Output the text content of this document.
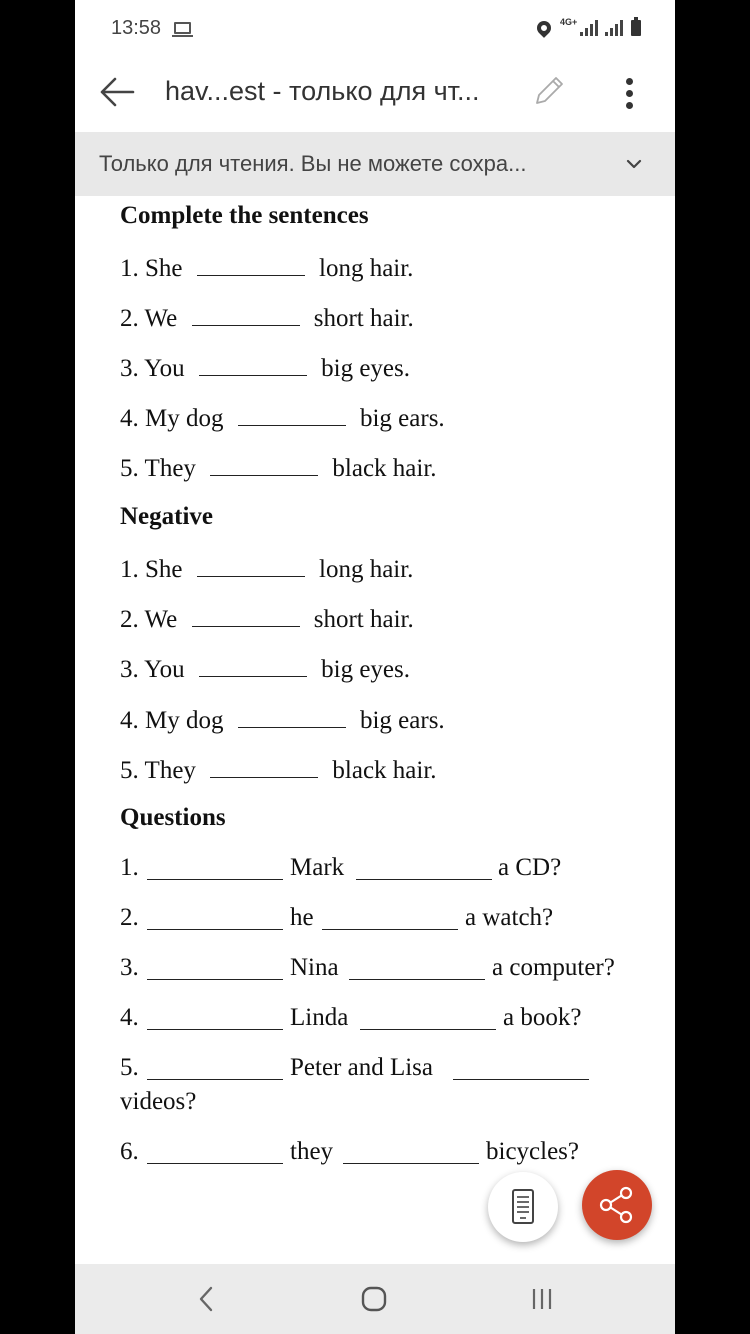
13:58	4G+
hav...est - только для чт...
Только для чтения. Вы не можете сохра...
Complete the sentences
1. She	long hair.
2. We	short hair.
3. You	big eyes.
4. My dog	big ears.
5. They	black hair.
Negative
1. She	long hair.
2. We	short hair.
3. You	big eyes.
4. My dog	big ears.
5. They	black hair.
Questions
1.	Mark	a CD?
2.	he	a watch?
3.	Nina	a computer?
4.	Linda	a book?
5.	Peter and Lisa
videos?
6.	they	bicycles?
